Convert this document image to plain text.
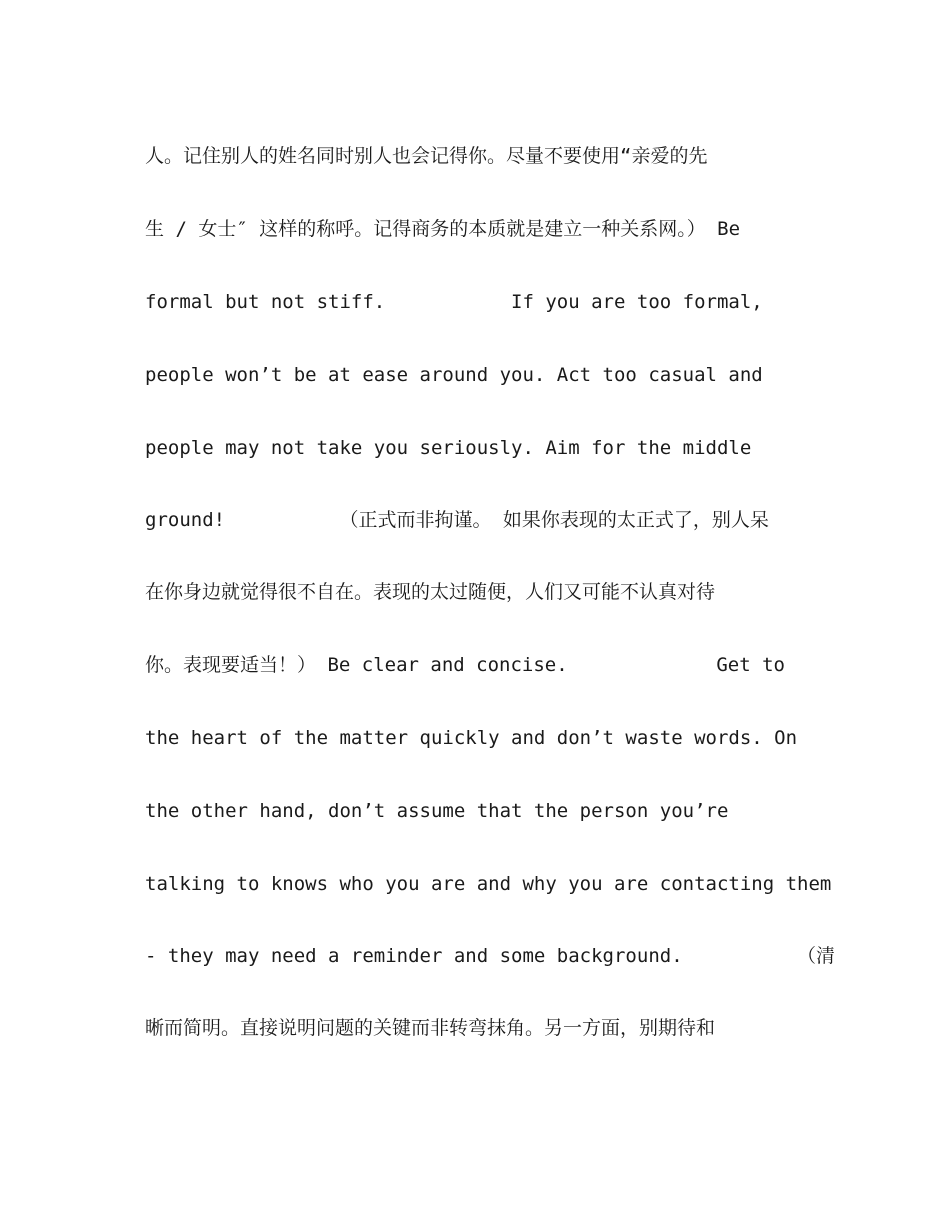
人。记住别人的姓名同时别人也会记得你。尽量不要使用“亲爱的先
生 / 女士″ 这样的称呼。记得商务的本质就是建立一种关系网。） Be
formal but not stiff.           If you are too formal,
people won’t be at ease around you. Act too casual and
people may not take you seriously. Aim for the middle
ground!          （正式而非拘谨。 如果你表现的太正式了，别人呆
在你身边就觉得很不自在。表现的太过随便，人们又可能不认真对待
你。表现要适当！） Be clear and concise.             Get to
the heart of the matter quickly and don’t waste words. On
the other hand, don’t assume that the person you’re
talking to knows who you are and why you are contacting them
- they may need a reminder and some background.          （清
晰而简明。直接说明问题的关键而非转弯抹角。另一方面，别期待和
